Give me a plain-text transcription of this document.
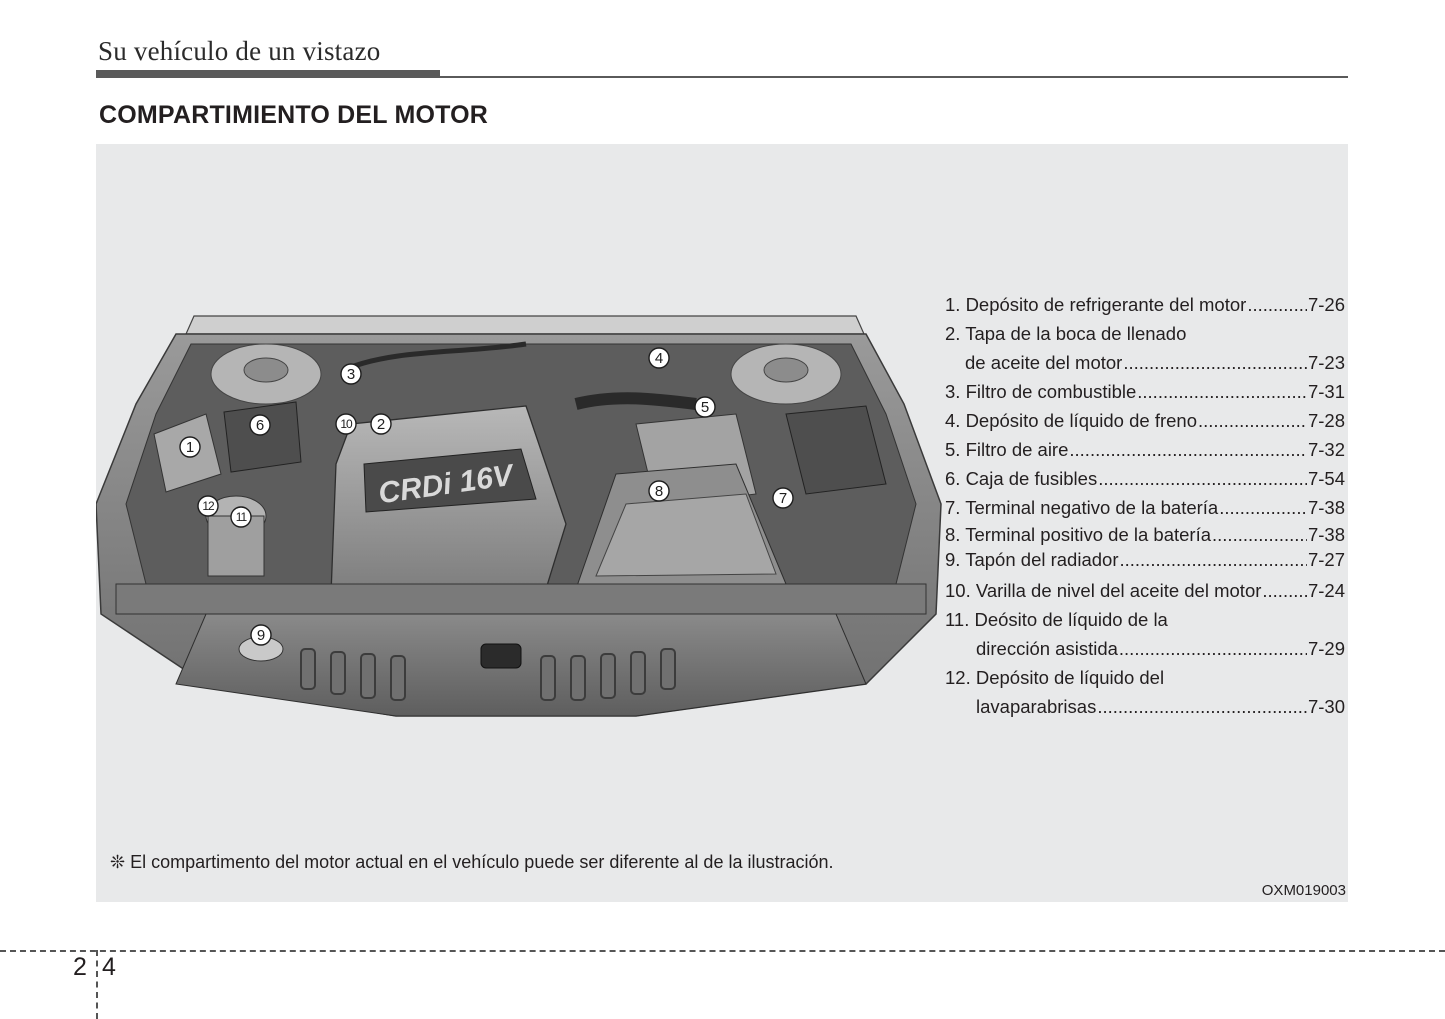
Su vehículo de un vistazo
COMPARTIMIENTO DEL MOTOR
CRDi 16V
1
2
3
4
5
6
7
8
9
10
11
12
1. Depósito de refrigerante del motor .....	7-26
2. Tapa de la boca de llenado
de aceite del motor .....	7-23
3. Filtro de combustible .....	7-31
4. Depósito de líquido de freno .....	7-28
5. Filtro de aire .....	7-32
6. Caja de fusibles .....	7-54
7. Terminal negativo de la batería .....	7-38
8. Terminal positivo de la batería .....	7-38
9. Tapón del radiador .....	7-27
10. Varilla de nivel del aceite del motor .....	7-24
11. Deósito de líquido de la
dirección asistida .....	7-29
12. Depósito de líquido del
lavaparabrisas .....	7-30
❊ El compartimento del motor actual en el vehículo puede ser diferente al de la ilustración.
OXM019003
2 4
